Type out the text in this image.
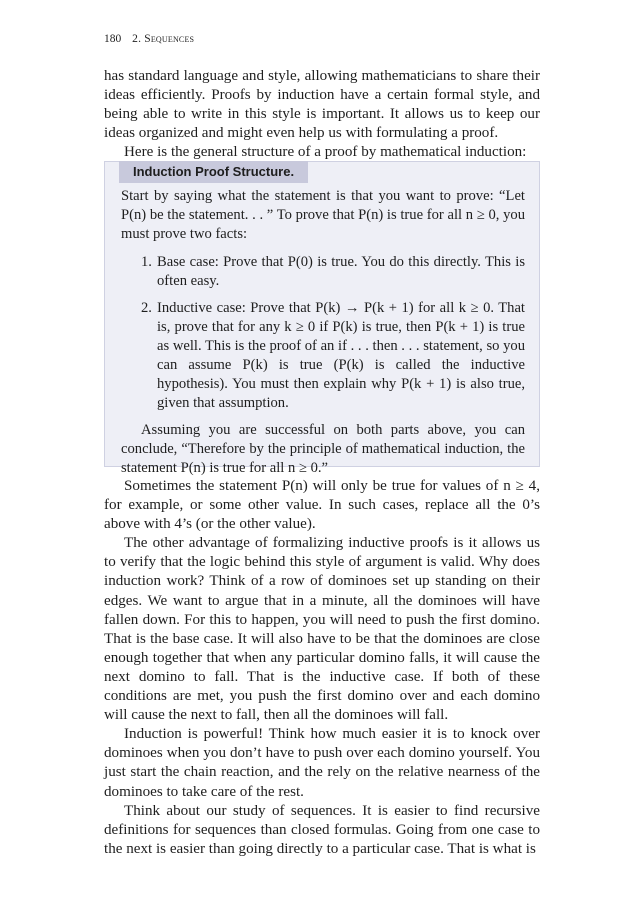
180 2. Sequences

has standard language and style, allowing mathematicians to share their ideas efficiently. Proofs by induction have a certain formal style, and being able to write in this style is important. It allows us to keep our ideas organized and might even help us with formulating a proof.

Here is the general structure of a proof by mathematical induction:

Induction Proof Structure.

Start by saying what the statement is that you want to prove: “Let P(n) be the statement. . . ” To prove that P(n) is true for all n ≥ 0, you must prove two facts:

1. Base case: Prove that P(0) is true. You do this directly. This is often easy.
2. Inductive case: Prove that P(k) → P(k + 1) for all k ≥ 0. That is, prove that for any k ≥ 0 if P(k) is true, then P(k + 1) is true as well. This is the proof of an if . . . then . . . statement, so you can assume P(k) is true (P(k) is called the inductive hypothesis). You must then explain why P(k + 1) is also true, given that assumption.

Assuming you are successful on both parts above, you can conclude, “Therefore by the principle of mathematical induction, the statement P(n) is true for all n ≥ 0.”

Sometimes the statement P(n) will only be true for values of n ≥ 4, for example, or some other value. In such cases, replace all the 0’s above with 4’s (or the other value).

The other advantage of formalizing inductive proofs is it allows us to verify that the logic behind this style of argument is valid. Why does induction work? Think of a row of dominoes set up standing on their edges. We want to argue that in a minute, all the dominoes will have fallen down. For this to happen, you will need to push the first domino. That is the base case. It will also have to be that the dominoes are close enough together that when any particular domino falls, it will cause the next domino to fall. That is the inductive case. If both of these conditions are met, you push the first domino over and each domino will cause the next to fall, then all the dominoes will fall.

Induction is powerful! Think how much easier it is to knock over dominoes when you don’t have to push over each domino yourself. You just start the chain reaction, and the rely on the relative nearness of the dominoes to take care of the rest.

Think about our study of sequences. It is easier to find recursive definitions for sequences than closed formulas. Going from one case to the next is easier than going directly to a particular case. That is what is
